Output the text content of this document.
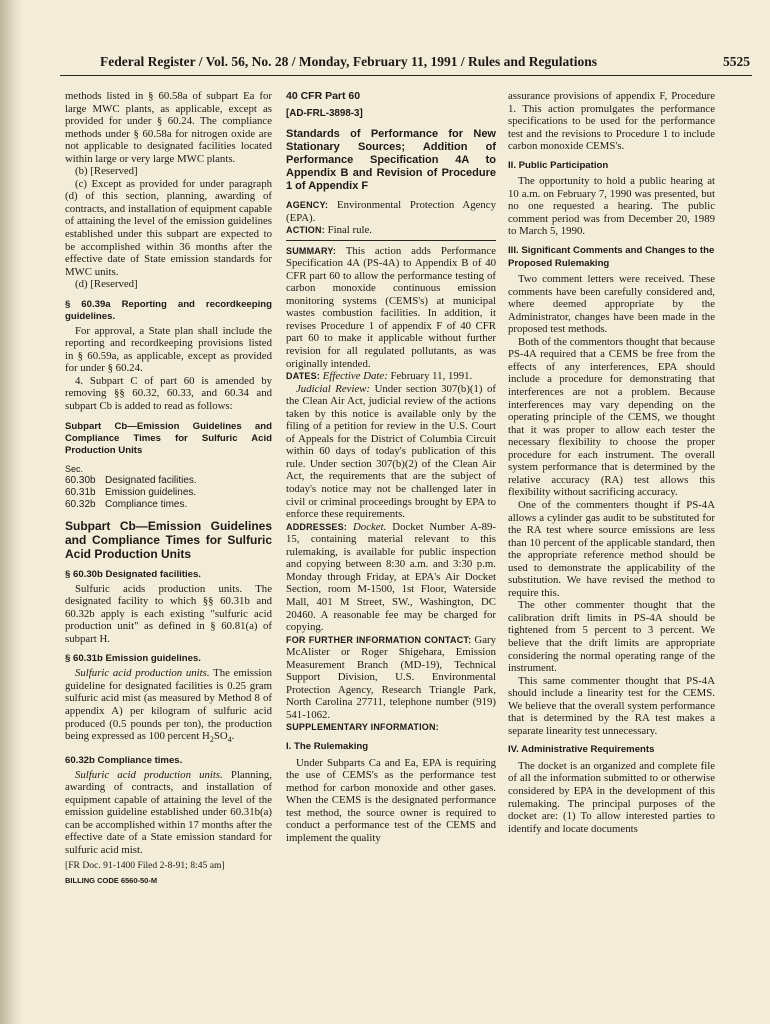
Federal Register / Vol. 56, No. 28 / Monday, February 11, 1991 / Rules and Regulations	5525

methods listed in § 60.58a of subpart Ea for large MWC plants, as applicable, except as provided for under § 60.24. The compliance methods under § 60.58a for nitrogen oxide are not applicable to designated facilities located within large or very large MWC plants.

(b) [Reserved]

(c) Except as provided for under paragraph (d) of this section, planning, awarding of contracts, and installation of equipment capable of attaining the level of the emission guidelines established under this subpart are expected to be accomplished within 36 months after the effective date of State emission standards for MWC units.

(d) [Reserved]

§ 60.39a Reporting and recordkeeping guidelines.

For approval, a State plan shall include the reporting and recordkeeping provisions listed in § 60.59a, as applicable, except as provided for under § 60.24.

4. Subpart C of part 60 is amended by removing §§ 60.32, 60.33, and 60.34 and subpart Cb is added to read as follows:

Subpart Cb—Emission Guidelines and Compliance Times for Sulfuric Acid Production Units

Sec.
60.30b Designated facilities.
60.31b Emission guidelines.
60.32b Compliance times.

Subpart Cb—Emission Guidelines and Compliance Times for Sulfuric Acid Production Units

§ 60.30b Designated facilities.

Sulfuric acids production units. The designated facility to which §§ 60.31b and 60.32b apply is each existing "sulfuric acid production unit" as defined in § 60.81(a) of subpart H.

§ 60.31b Emission guidelines.

Sulfuric acid production units. The emission guideline for designated facilities is 0.25 gram sulfuric acid mist (as measured by Method 8 of appendix A) per kilogram of sulfuric acid produced (0.5 pounds per ton), the production being expressed as 100 percent $H_2SO_4$.

60.32b Compliance times.

Sulfuric acid production units. Planning, awarding of contracts, and installation of equipment capable of attaining the level of the emission guideline established under 60.31b(a) can be accomplished within 17 months after the effective date of a State emission standard for sulfuric acid mist.

[FR Doc. 91-1400 Filed 2-8-91; 8:45 am]

BILLING CODE 6560-50-M

40 CFR Part 60

[AD-FRL-3898-3]

Standards of Performance for New Stationary Sources; Addition of Performance Specification 4A to Appendix B and Revision of Procedure 1 of Appendix F

AGENCY: Environmental Protection Agency (EPA).

ACTION: Final rule.

SUMMARY: This action adds Performance Specification 4A (PS-4A) to Appendix B of 40 CFR part 60 to allow the performance testing of carbon monoxide continuous emission monitoring systems (CEMS's) at municipal wastes combustion facilities. In addition, it revises Procedure 1 of appendix F of 40 CFR part 60 to make it applicable without further revision for all regulated pollutants, as was originally intended.

DATES: Effective Date: February 11, 1991.

Judicial Review: Under section 307(b)(1) of the Clean Air Act, judicial review of the actions taken by this notice is available only by the filing of a petition for review in the U.S. Court of Appeals for the District of Columbia Circuit within 60 days of today's publication of this rule. Under section 307(b)(2) of the Clean Air Act, the requirements that are the subject of today's notice may not be challenged later in civil or criminal proceedings brought by EPA to enforce these requirements.

ADDRESSES: Docket. Docket Number A-89-15, containing material relevant to this rulemaking, is available for public inspection and copying between 8:30 a.m. and 3:30 p.m. Monday through Friday, at EPA's Air Docket Section, room M-1500, 1st Floor, Waterside Mall, 401 M Street, SW., Washington, DC 20460. A reasonable fee may be charged for copying.

FOR FURTHER INFORMATION CONTACT: Gary McAlister or Roger Shigehara, Emission Measurement Branch (MD-19), Technical Support Division, U.S. Environmental Protection Agency, Research Triangle Park, North Carolina 27711, telephone number (919) 541-1062.

SUPPLEMENTARY INFORMATION:

I. The Rulemaking

Under Subparts Ca and Ea, EPA is requiring the use of CEMS's as the performance test method for carbon monoxide and other gases. When the CEMS is the designated performance test method, the source owner is required to conduct a performance test of the CEMS and implement the quality

assurance provisions of appendix F, Procedure 1. This action promulgates the performance specifications to be used for the performance test and the revisions to Procedure 1 to include carbon monoxide CEMS's.

II. Public Participation

The opportunity to hold a public hearing at 10 a.m. on February 7, 1990 was presented, but no one requested a hearing. The public comment period was from December 20, 1989 to March 5, 1990.

III. Significant Comments and Changes to the Proposed Rulemaking

Two comment letters were received. These comments have been carefully considered and, where deemed appropriate by the Administrator, changes have been made in the proposed test methods.

Both of the commentors thought that because PS-4A required that a CEMS be free from the effects of any interferences, EPA should include a procedure for demonstrating that interferences are not a problem. Because interferences may vary depending on the operating principle of the CEMS, we thought that it was proper to allow each tester the necessary flexibility to choose the proper procedure for each instrument. The overall system performance that is determined by the relative accuracy (RA) test allows this flexibility without sacrificing accuracy.

One of the commenters thought if PS-4A allows a cylinder gas audit to be substituted for the RA test where source emissions are less than 10 percent of the applicable standard, then the appropriate reference method should be used to demonstrate the applicability of the substitution. We have revised the method to require this.

The other commenter thought that the calibration drift limits in PS-4A should be tightened from 5 percent to 3 percent. We believe that the drift limits are appropriate considering the normal operating range of the instrument.

This same commenter thought that PS-4A should include a linearity test for the CEMS. We believe that the overall system performance that is determined by the RA test makes a separate linearity test unnecessary.

IV. Administrative Requirements

The docket is an organized and complete file of all the information submitted to or otherwise considered by EPA in the development of this rulemaking. The principal purposes of the docket are: (1) To allow interested parties to identify and locate documents
